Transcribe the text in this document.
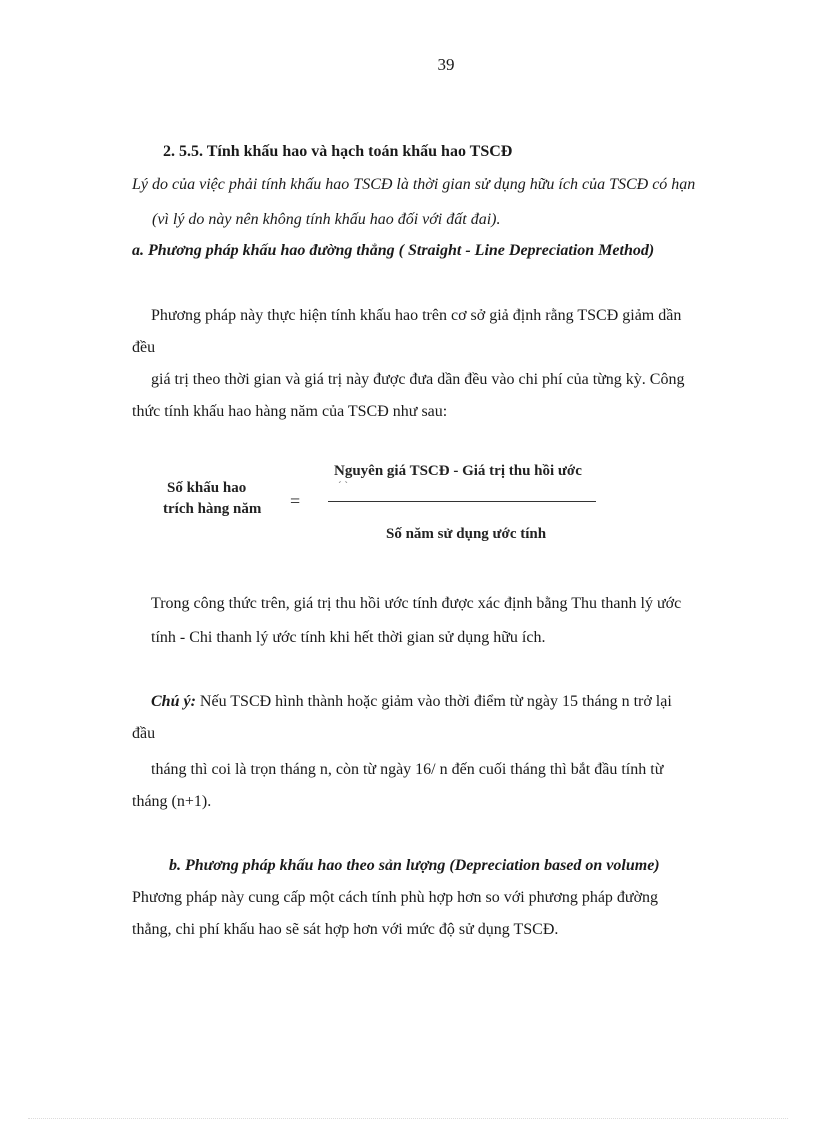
39
2. 5.5. Tính khấu hao và hạch toán khấu hao TSCĐ
Lý do của việc phải tính khấu hao TSCĐ là thời gian sử dụng hữu ích của TSCĐ có hạn
(vì lý do này nên không tính khấu hao đối với đất đai).
a. Phương pháp khấu hao đường thẳng ( Straight - Line Depreciation Method)
Phương pháp này thực hiện tính khấu hao trên cơ sở giả định rằng TSCĐ giảm dần
đều
giá trị theo thời gian và giá trị này được đưa dần đều vào chi phí của từng kỳ. Công
thức tính khấu hao hàng năm của TSCĐ như sau:
Số khấu hao
trích hàng năm =
Nguyên giá TSCĐ - Giá trị thu hồi ước
´ `
Số năm sử dụng ước tính
Trong công thức trên, giá trị thu hồi ước tính được xác định bằng Thu thanh lý ước
tính - Chi thanh lý ước tính khi hết thời gian sử dụng hữu ích.
Chú ý: Nếu TSCĐ hình thành hoặc giảm vào thời điểm từ ngày 15 tháng n trở lại
đầu
tháng thì coi là trọn tháng n, còn từ ngày 16/ n đến cuối tháng thì bắt đầu tính từ
tháng (n+1).
b. Phương pháp khấu hao theo sản lượng (Depreciation based on volume)
Phương pháp này cung cấp một cách tính phù hợp hơn so với phương pháp đường
thẳng, chi phí khấu hao sẽ sát hợp hơn với mức độ sử dụng TSCĐ.
